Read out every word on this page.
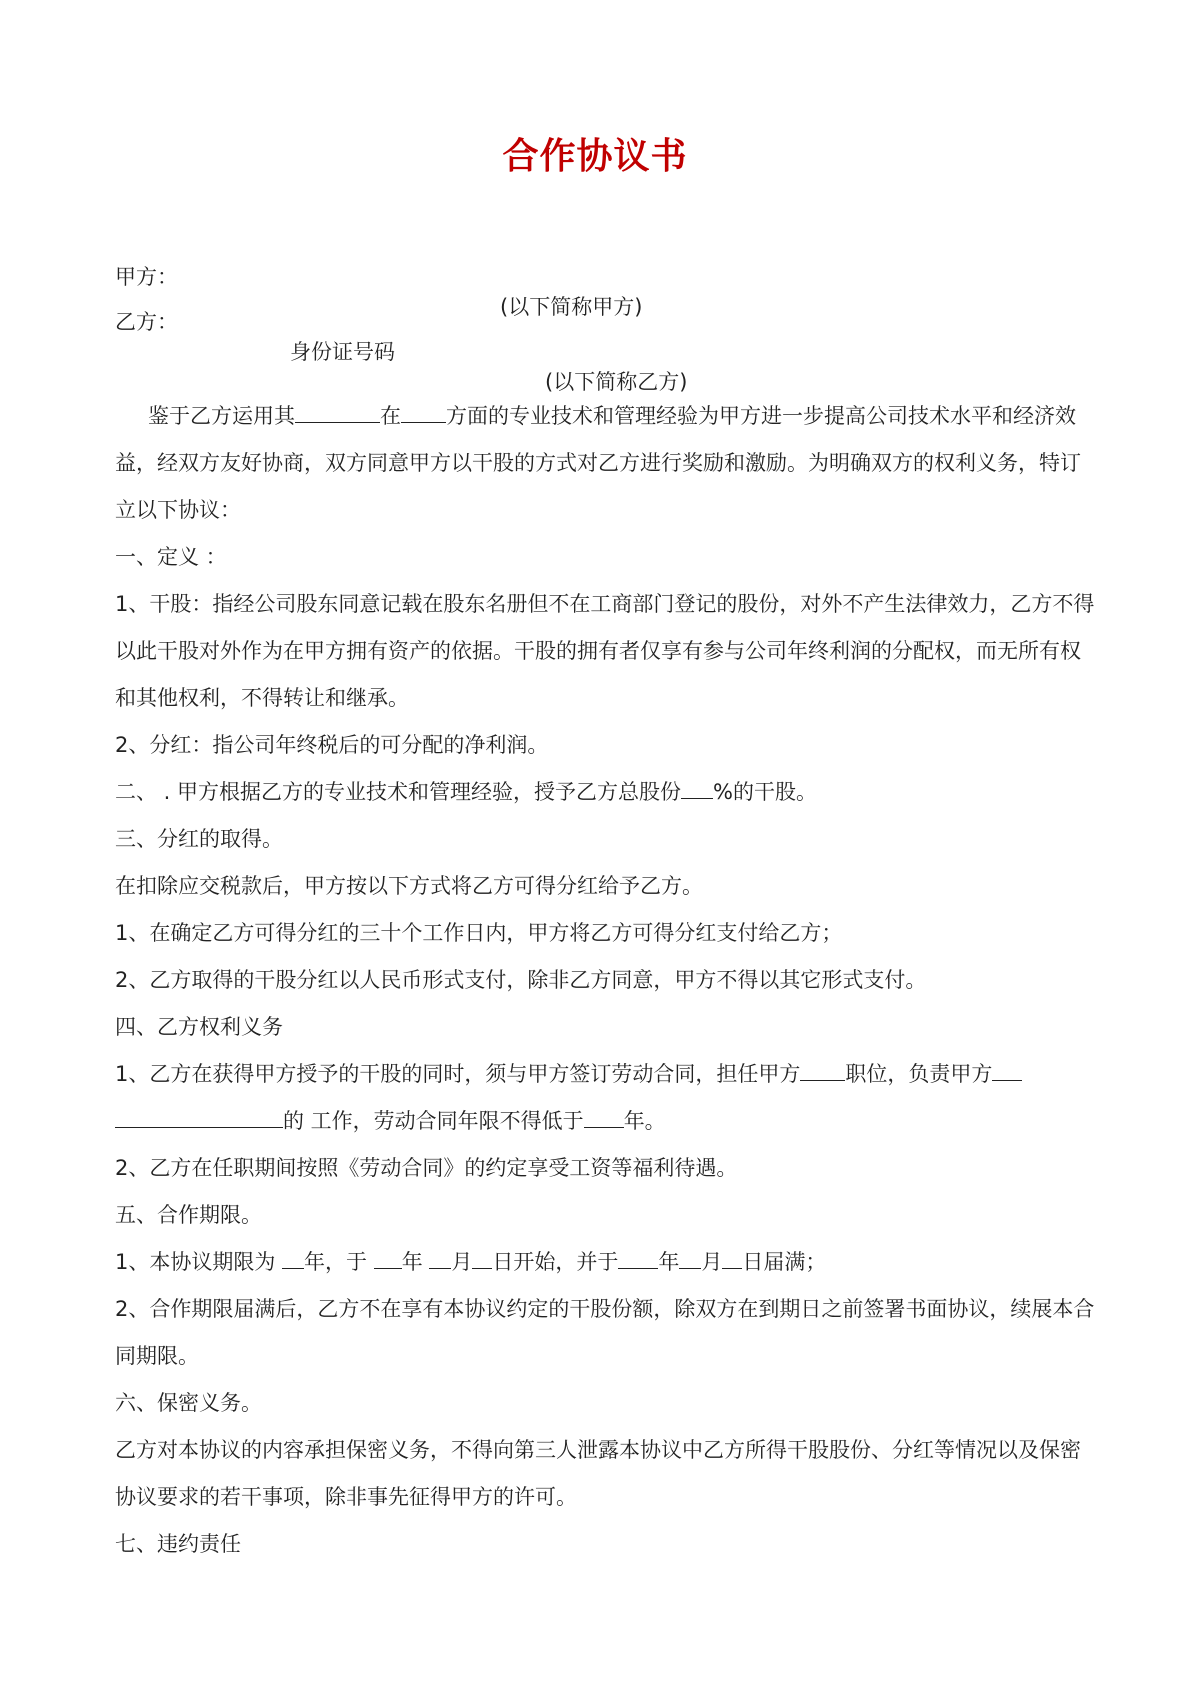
合作协议书

甲方：

(以下简称甲方)

乙方：

身份证号码

(以下简称乙方)

鉴于乙方运用其	在 方面的专业技术和管理经验为甲方进一步提高公司技术水平和经济效益，经双方友好协商，双方同意甲方以干股的方式对乙方进行奖励和激励。为明确双方的权利义务，特订立以下协议：

一、定义 ：

1、干股：指经公司股东同意记载在股东名册但不在工商部门登记的股份，对外不产生法律效力，乙方不得以此干股对外作为在甲方拥有资产的依据。干股的拥有者仅享有参与公司年终利润的分配权，而无所有权和其他权利，不得转让和继承。

2、分红：指公司年终税后的可分配的净利润。

二、 . 甲方根据乙方的专业技术和管理经验，授予乙方总股份 %的干股。

三、分红的取得。

在扣除应交税款后，甲方按以下方式将乙方可得分红给予乙方。

1、在确定乙方可得分红的三十个工作日内，甲方将乙方可得分红支付给乙方；

2、乙方取得的干股分红以人民币形式支付，除非乙方同意，甲方不得以其它形式支付。

四、乙方权利义务

1、乙方在获得甲方授予的干股的同时，须与甲方签订劳动合同，担任甲方 职位，负责甲方的 工作，劳动合同年限不得低于 年。

2、乙方在任职期间按照《劳动合同》的约定享受工资等福利待遇。

五、合作期限。

1、本协议期限为 年，于 年 月 日开始，并于 年 月 日届满；

2、合作期限届满后，乙方不在享有本协议约定的干股份额，除双方在到期日之前签署书面协议，续展本合同期限。

六、保密义务。

乙方对本协议的内容承担保密义务，不得向第三人泄露本协议中乙方所得干股股份、分红等情况以及保密协议要求的若干事项，除非事先征得甲方的许可。

七、违约责任
